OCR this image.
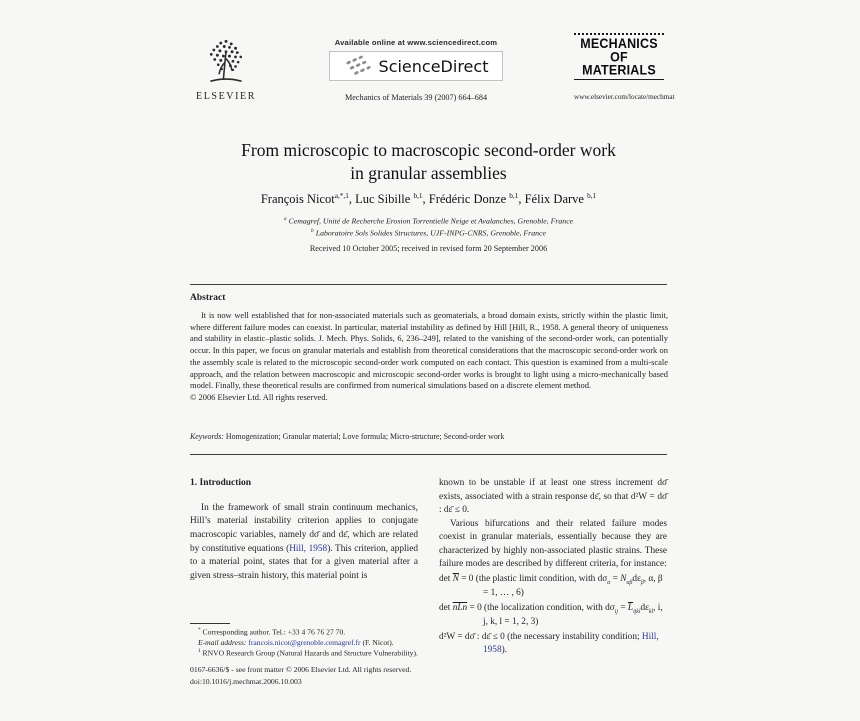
ELSEVIER
Available online at www.sciencedirect.com
ScienceDirect
Mechanics of Materials 39 (2007) 664–684
MECHANICS
OF
MATERIALS
www.elsevier.com/locate/mechmat
From microscopic to macroscopic second-order work
in granular assemblies
François Nicot$^{a,*,1}$, Luc Sibille $^{b,1}$, Frédéric Donze $^{b,1}$, Félix Darve $^{b,1}$
$^a$ Cemagref, Unité de Recherche Erosion Torrentielle Neige et Avalanches, Grenoble, France
$^b$ Laboratoire Sols Solides Structures, UJF-INPG-CNRS, Grenoble, France
Received 10 October 2005; received in revised form 20 September 2006
Abstract
It is now well established that for non-associated materials such as geomaterials, a broad domain exists, strictly within the plastic limit, where different failure modes can coexist. In particular, material instability as defined by Hill [Hill, R., 1958. A general theory of uniqueness and stability in elastic–plastic solids. J. Mech. Phys. Solids, 6, 236–249], related to the vanishing of the second-order work, can potentially occur. In this paper, we focus on granular materials and establish from theoretical considerations that the macroscopic second-order work on the assembly scale is related to the microscopic second-order work computed on each contact. This question is examined from a multi-scale approach, and the relation between macroscopic and microscopic second-order works is brought to light using a micro-mechanically based model. Finally, these theoretical results are confirmed from numerical simulations based on a discrete element method.
© 2006 Elsevier Ltd. All rights reserved.
Keywords: Homogenization; Granular material; Love formula; Micro-structure; Second-order work
1. Introduction
In the framework of small strain continuum mechanics, Hill’s material instability criterion applies to conjugate macroscopic variables, namely dσ̄ and dε̄, which are related by constitutive equations (Hill, 1958). This criterion, applied to a material point, states that for a given material after a given stress–strain history, this material point is
* Corresponding author. Tel.: +33 4 76 76 27 70.
E-mail address: francois.nicot@grenoble.cemagref.fr (F. Nicot).
$^1$ RNVO Research Group (Natural Hazards and Structure Vulnerability).
known to be unstable if at least one stress increment dσ̄ exists, associated with a strain response dε̄, so that d²W = dσ̄ : dε̄ ≤ 0.
Various bifurcations and their related failure modes coexist in granular materials, essentially because they are characterized by highly non-associated plastic strains. These failure modes are described by different criteria, for instance:
$\det \overline{N} = 0$ (the plastic limit condition, with $d\sigma_\alpha = N_{\alpha\beta}d\varepsilon_\beta$, α, β = 1, … , 6)
$\det \overline{n}\overline{L}\overline{n} = 0$ (the localization condition, with $d\sigma_{ij} = \overline{L}_{ijkl}d\varepsilon_{kl}$, i, j, k, l = 1, 2, 3)
d²W = dσ̄ : dε̄ ≤ 0 (the necessary instability condition; Hill, 1958).
0167-6636/$ - see front matter © 2006 Elsevier Ltd. All rights reserved.
doi:10.1016/j.mechmat.2006.10.003
